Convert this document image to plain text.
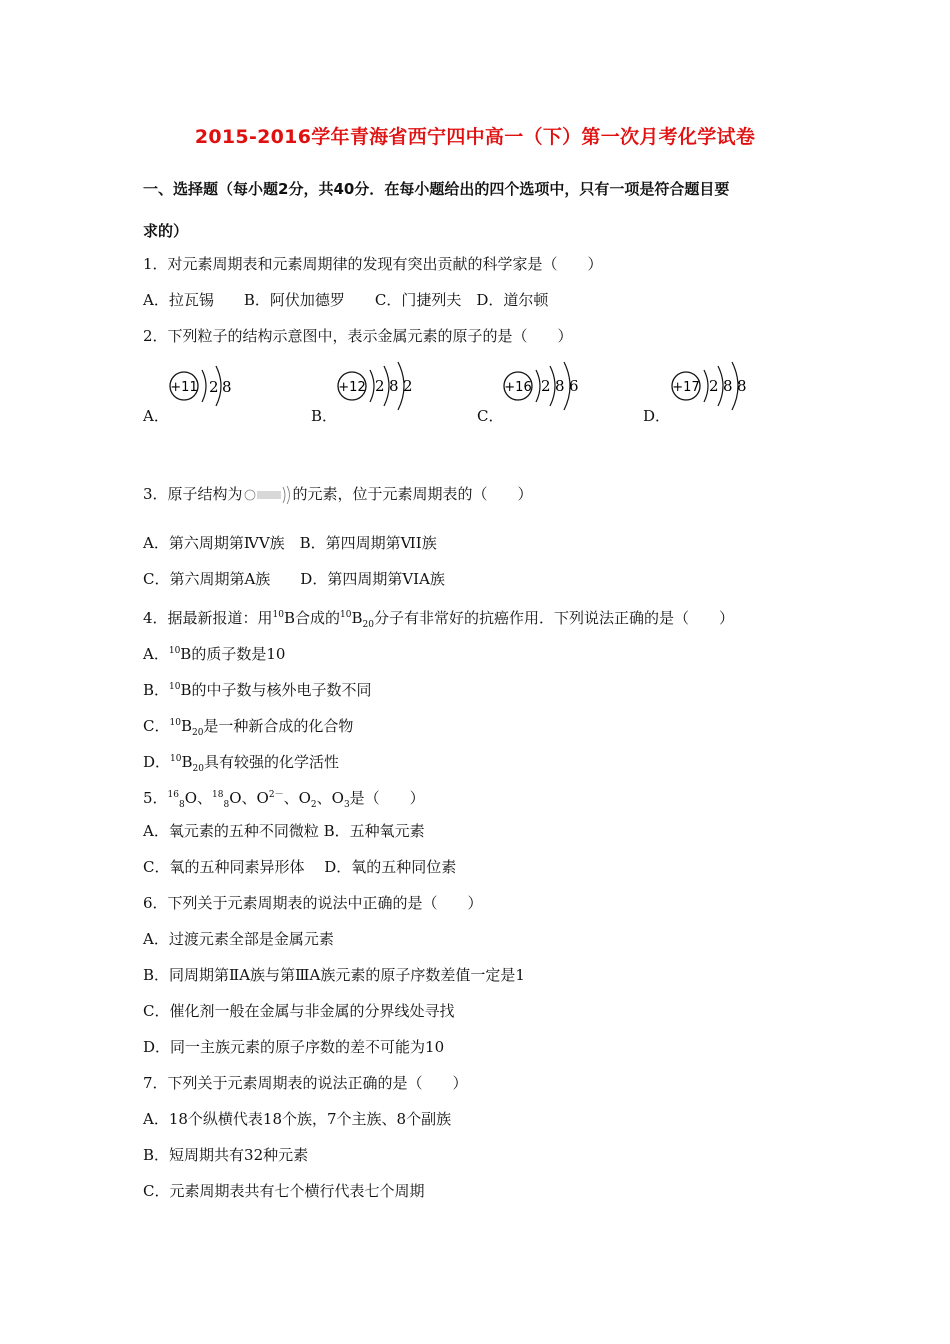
2015-2016学年青海省西宁四中高一（下）第一次月考化学试卷
一、选择题（每小题2分，共40分．在每小题给出的四个选项中，只有一项是符合题目要
求的）
1．对元素周期表和元素周期律的发现有突出贡献的科学家是（　　）
A．拉瓦锡　　B．阿伏加德罗　　C．门捷列夫　D．道尔顿
2．下列粒子的结构示意图中，表示金属元素的原子的是（　　）
+11 2 8	+12 2 8 2	+16 2 8 6	+17 2 8 8
A．	B．	C．	D．
3．原子结构为	的元素，位于元素周期表的（　　）
A．第六周期第ⅣV族　B．第四周期第ⅥI族
C．第六周期第A族　　D．第四周期第VIA族
4．据最新报道：用$^{10}$B合成的$^{10}B_{20}$分子有非常好的抗癌作用．下列说法正确的是（　　）
A．$^{10}$B的质子数是10
B．$^{10}$B的中子数与核外电子数不同
C．$^{10}B_{20}$是一种新合成的化合物
D．$^{10}B_{20}$具有较强的化学活性
5．$^{16}_8$O、$^{18}_8$O、$O^{2-}$、$O_2$、$O_3$是（　　）
A．氧元素的五种不同微粒 B．五种氧元素
C．氧的五种同素异形体　 D．氧的五种同位素
6．下列关于元素周期表的说法中正确的是（　　）
A．过渡元素全部是金属元素
B．同周期第ⅡA族与第ⅢA族元素的原子序数差值一定是1
C．催化剂一般在金属与非金属的分界线处寻找
D．同一主族元素的原子序数的差不可能为10
7．下列关于元素周期表的说法正确的是（　　）
A．18个纵横代表18个族，7个主族、8个副族
B．短周期共有32种元素
C．元素周期表共有七个横行代表七个周期
